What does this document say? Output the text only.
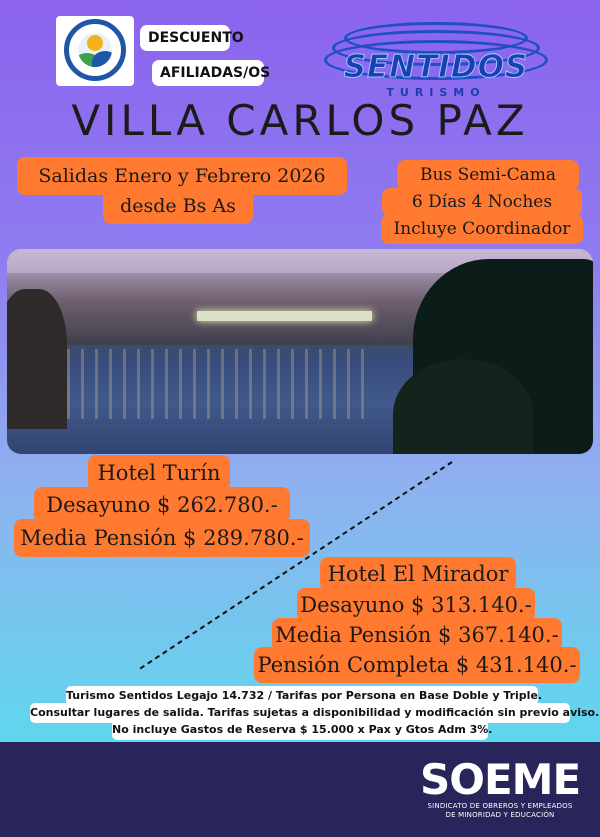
DESCUENTO
AFILIADAS/OS	SENTIDOS
TURISMO
VILLA CARLOS PAZ
Salidas Enero y Febrero 2026
desde Bs As
Bus Semi-Cama
6 Días 4 Noches
Incluye Coordinador
Hotel Turín
Desayuno $ 262.780.-
Media Pensión $ 289.780.-
Hotel El Mirador
Desayuno $ 313.140.-
Media Pensión $ 367.140.-
Pensión Completa $ 431.140.-
Turismo Sentidos Legajo 14.732 / Tarifas por Persona en Base Doble y Triple.
Consultar lugares de salida. Tarifas sujetas a disponibilidad y modificación sin previo aviso.
No incluye Gastos de Reserva $ 15.000 x Pax y Gtos Adm 3%.
SOEME
SINDICATO DE OBREROS Y EMPLEADOS
DE MINORIDAD Y EDUCACIÓN
